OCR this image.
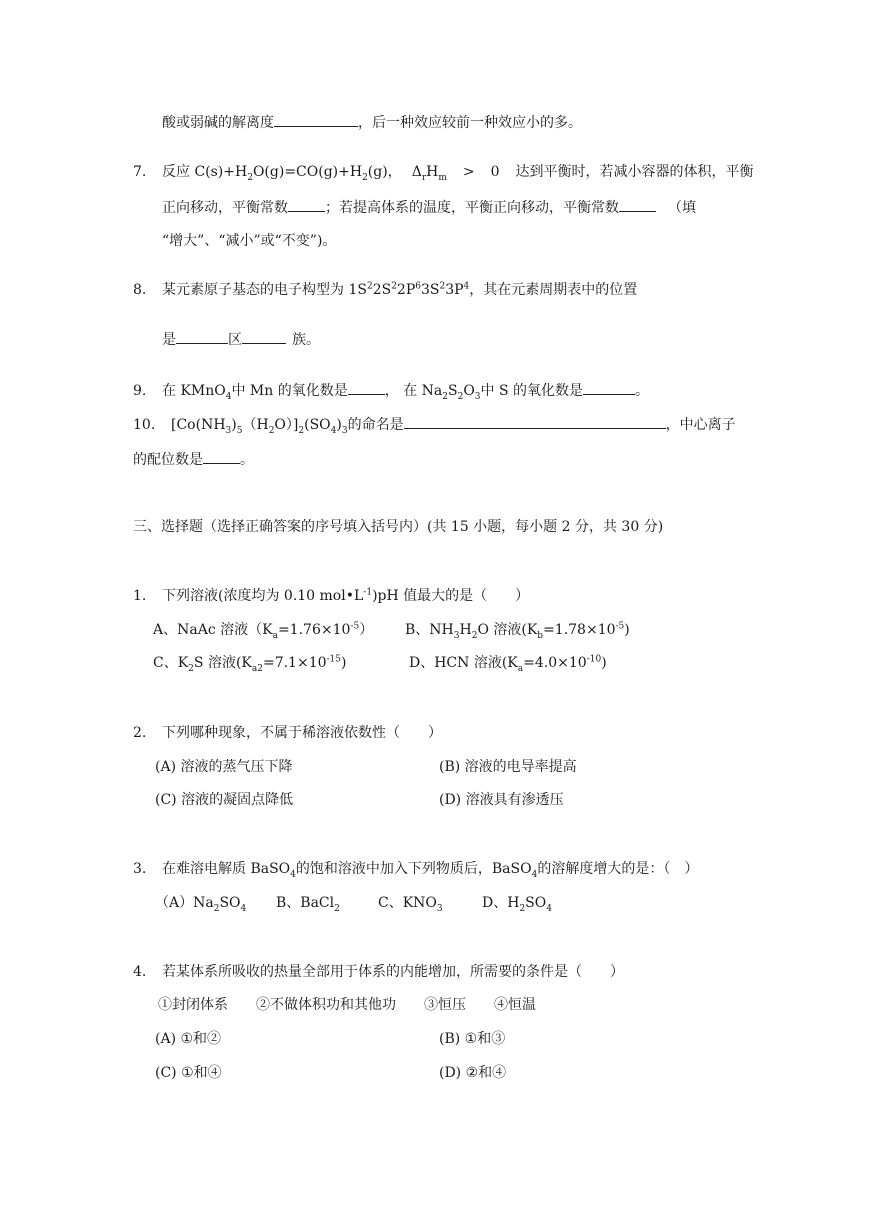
酸或弱碱的解离度	，后一种效应较前一种效应小的多。
7. 反应 $C(s)+H_2O(g)=CO(g)+H_2(g)$， $\Delta_rH_m > 0$ 达到平衡时，若减小容器的体积，平衡
正向移动，平衡常数	；若提高体系的温度，平衡正向移动，平衡常数	（填
“增大”、“减小”或“不变”)。
8. 某元素原子基态的电子构型为 $1S^22S^22P^63S^23P^4$，其在元素周期表中的位置
是	区	族。
9. 在 KMnO$_4$中 Mn 的氧化数是	， 在 $Na_2S_2O_3$中 S 的氧化数是	。
10. $[Co(NH_3)_5(H_2O)]_2(SO_4)_3$的命名是	，中心离子
的配位数是	。
三、选择题（选择正确答案的序号填入括号内）(共 15 小题，每小题 2 分，共 30 分)
1. 下列溶液(浓度均为 0.10 $mol•L^{-1})pH$ 值最大的是（　　）
A、NaAc 溶液$(K_a=1.76\times 10^{-5})$ B、$NH_3H_2O$ 溶液$(K_b=1.78\times 10^{-5})$
C、$K_2S$ 溶液$(K_{a2}=7.1\times 10^{-15})$	D、HCN 溶液$(K_a=4.0\times 10^{-10})$
2. 下列哪种现象，不属于稀溶液依数性（　　）
(A) 溶液的蒸气压下降	(B) 溶液的电导率提高
(C) 溶液的凝固点降低	(D) 溶液具有渗透压
3. 在难溶电解质 BaSO$_4$的饱和溶液中加入下列物质后，BaSO$_4$的溶解度增大的是：（　）
$(A)Na_2SO_4$ B、BaCl$_2$	C、$KNO_3$	D、$H_2SO_4$
4. 若某体系所吸收的热量全部用于体系的内能增加，所需要的条件是（　　）
①封闭体系　　②不做体积功和其他功　　③恒压　　④恒温
(A) ①和②	(B) ①和③
(C) ①和④	(D) ②和④
